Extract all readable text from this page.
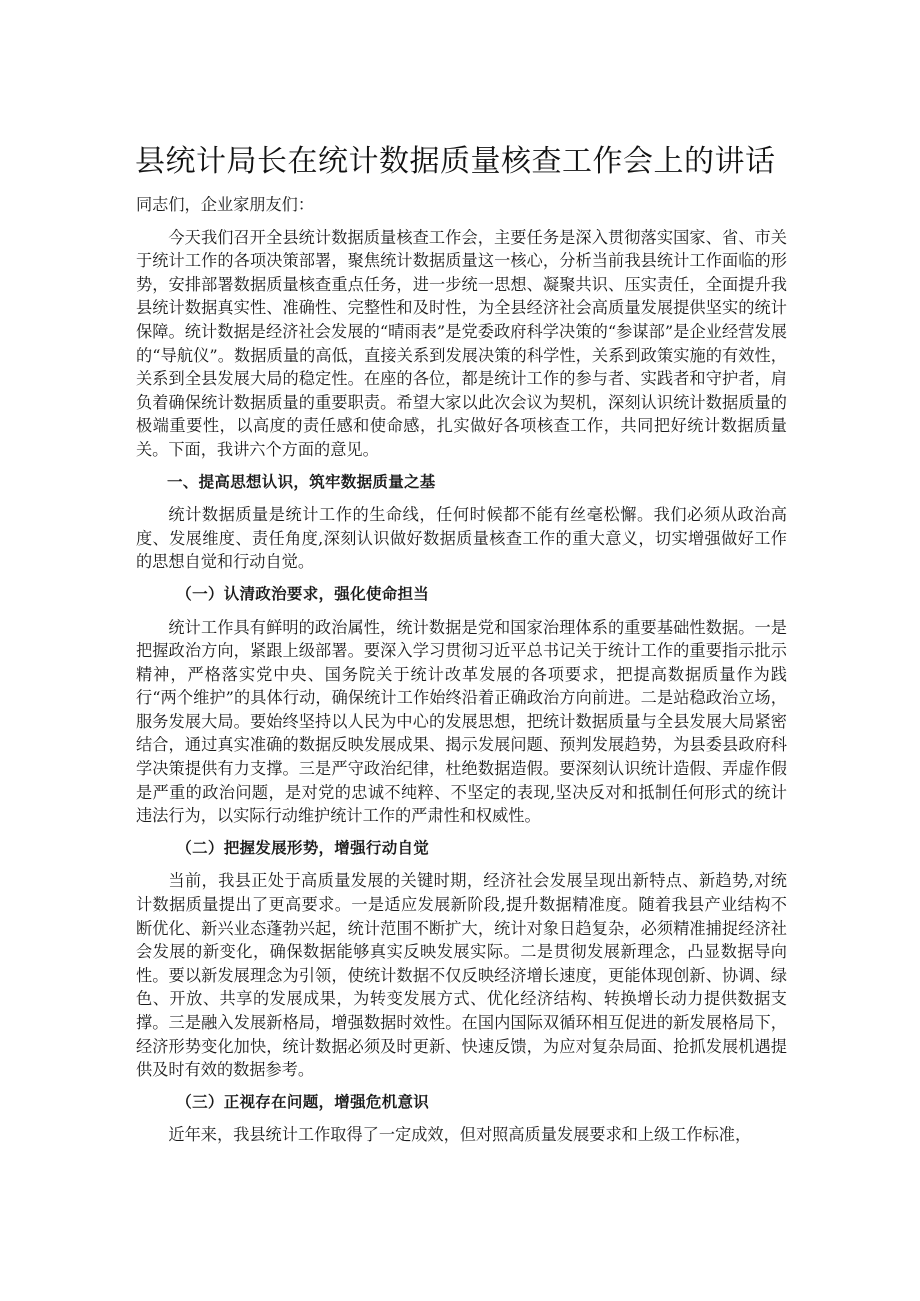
县统计局长在统计数据质量核查工作会上的讲话

同志们，企业家朋友们：

今天我们召开全县统计数据质量核查工作会，主要任务是深入贯彻落实国家、省、市关于统计工作的各项决策部署，聚焦统计数据质量这一核心，分析当前我县统计工作面临的形势，安排部署数据质量核查重点任务，进一步统一思想、凝聚共识、压实责任，全面提升我县统计数据真实性、准确性、完整性和及时性，为全县经济社会高质量发展提供坚实的统计保障。统计数据是经济社会发展的“晴雨表”是党委政府科学决策的“参谋部”是企业经营发展的“导航仪”。数据质量的高低，直接关系到发展决策的科学性，关系到政策实施的有效性，关系到全县发展大局的稳定性。在座的各位，都是统计工作的参与者、实践者和守护者，肩负着确保统计数据质量的重要职责。希望大家以此次会议为契机，深刻认识统计数据质量的极端重要性，以高度的责任感和使命感，扎实做好各项核查工作，共同把好统计数据质量关。下面，我讲六个方面的意见。

一、提高思想认识，筑牢数据质量之基

统计数据质量是统计工作的生命线，任何时候都不能有丝毫松懈。我们必须从政治高度、发展维度、责任角度,深刻认识做好数据质量核查工作的重大意义，切实增强做好工作的思想自觉和行动自觉。

（一）认清政治要求，强化使命担当

统计工作具有鲜明的政治属性，统计数据是党和国家治理体系的重要基础性数据。一是把握政治方向，紧跟上级部署。要深入学习贯彻习近平总书记关于统计工作的重要指示批示精神，严格落实党中央、国务院关于统计改革发展的各项要求，把提高数据质量作为践行“两个维护”的具体行动，确保统计工作始终沿着正确政治方向前进。二是站稳政治立场，服务发展大局。要始终坚持以人民为中心的发展思想，把统计数据质量与全县发展大局紧密结合，通过真实准确的数据反映发展成果、揭示发展问题、预判发展趋势，为县委县政府科学决策提供有力支撑。三是严守政治纪律，杜绝数据造假。要深刻认识统计造假、弄虚作假是严重的政治问题，是对党的忠诚不纯粹、不坚定的表现,坚决反对和抵制任何形式的统计违法行为，以实际行动维护统计工作的严肃性和权威性。

（二）把握发展形势，增强行动自觉

当前，我县正处于高质量发展的关键时期，经济社会发展呈现出新特点、新趋势,对统计数据质量提出了更高要求。一是适应发展新阶段,提升数据精准度。随着我县产业结构不断优化、新兴业态蓬勃兴起，统计范围不断扩大，统计对象日趋复杂，必须精准捕捉经济社会发展的新变化，确保数据能够真实反映发展实际。二是贯彻发展新理念，凸显数据导向性。要以新发展理念为引领，使统计数据不仅反映经济增长速度，更能体现创新、协调、绿色、开放、共享的发展成果，为转变发展方式、优化经济结构、转换增长动力提供数据支撑。三是融入发展新格局，增强数据时效性。在国内国际双循环相互促进的新发展格局下，经济形势变化加快，统计数据必须及时更新、快速反馈，为应对复杂局面、抢抓发展机遇提供及时有效的数据参考。

（三）正视存在问题，增强危机意识

近年来，我县统计工作取得了一定成效，但对照高质量发展要求和上级工作标准，
